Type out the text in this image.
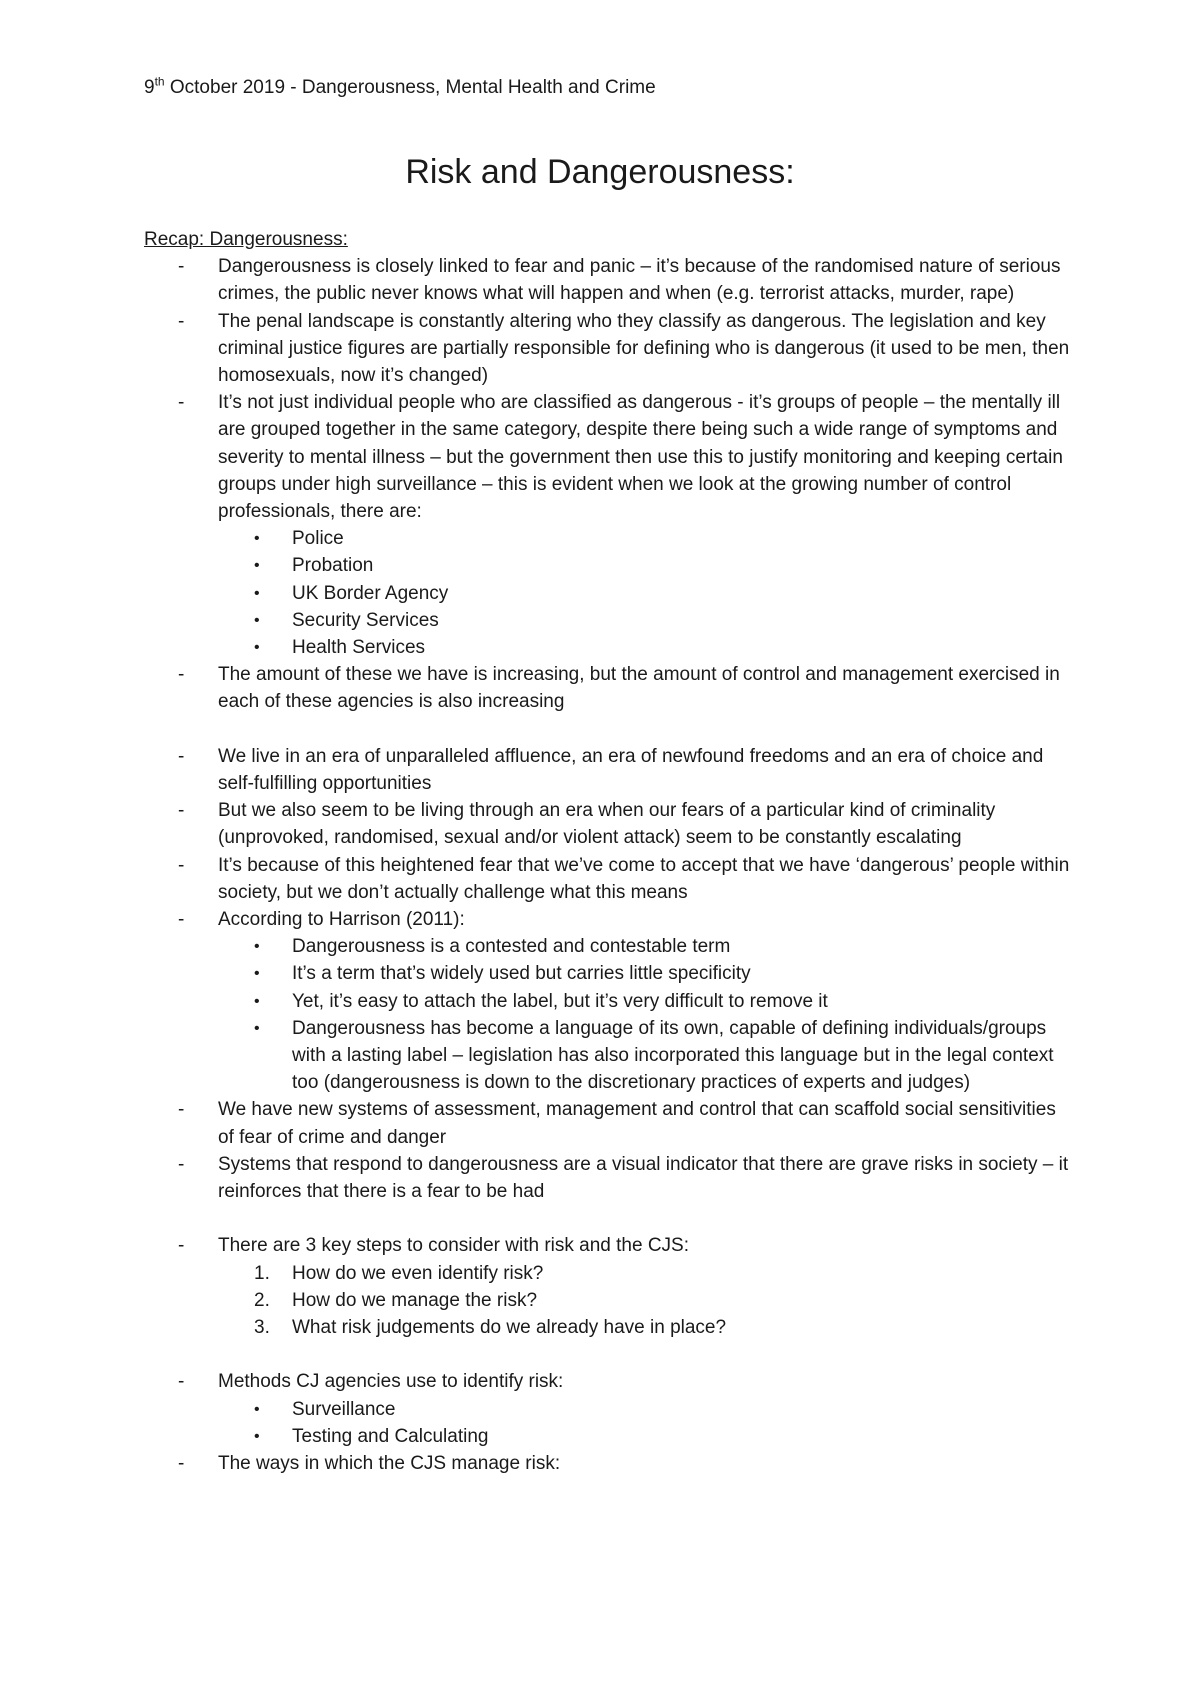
9th October 2019 - Dangerousness, Mental Health and Crime
Risk and Dangerousness:
Recap: Dangerousness:
- Dangerousness is closely linked to fear and panic – it’s because of the randomised nature of serious crimes, the public never knows what will happen and when (e.g. terrorist attacks, murder, rape)
- The penal landscape is constantly altering who they classify as dangerous. The legislation and key criminal justice figures are partially responsible for defining who is dangerous (it used to be men, then homosexuals, now it’s changed)
- It’s not just individual people who are classified as dangerous - it’s groups of people – the mentally ill are grouped together in the same category, despite there being such a wide range of symptoms and severity to mental illness – but the government then use this to justify monitoring and keeping certain groups under high surveillance – this is evident when we look at the growing number of control professionals, there are:
• Police
• Probation
• UK Border Agency
• Security Services
• Health Services
- The amount of these we have is increasing, but the amount of control and management exercised in each of these agencies is also increasing
- We live in an era of unparalleled affluence, an era of newfound freedoms and an era of choice and self-fulfilling opportunities
- But we also seem to be living through an era when our fears of a particular kind of criminality (unprovoked, randomised, sexual and/or violent attack) seem to be constantly escalating
- It’s because of this heightened fear that we’ve come to accept that we have ‘dangerous’ people within society, but we don’t actually challenge what this means
- According to Harrison (2011):
• Dangerousness is a contested and contestable term
• It’s a term that’s widely used but carries little specificity
• Yet, it’s easy to attach the label, but it’s very difficult to remove it
• Dangerousness has become a language of its own, capable of defining individuals/groups with a lasting label – legislation has also incorporated this language but in the legal context too (dangerousness is down to the discretionary practices of experts and judges)
- We have new systems of assessment, management and control that can scaffold social sensitivities of fear of crime and danger
- Systems that respond to dangerousness are a visual indicator that there are grave risks in society – it reinforces that there is a fear to be had
- There are 3 key steps to consider with risk and the CJS:
1. How do we even identify risk?
2. How do we manage the risk?
3. What risk judgements do we already have in place?
- Methods CJ agencies use to identify risk:
• Surveillance
• Testing and Calculating
- The ways in which the CJS manage risk:
